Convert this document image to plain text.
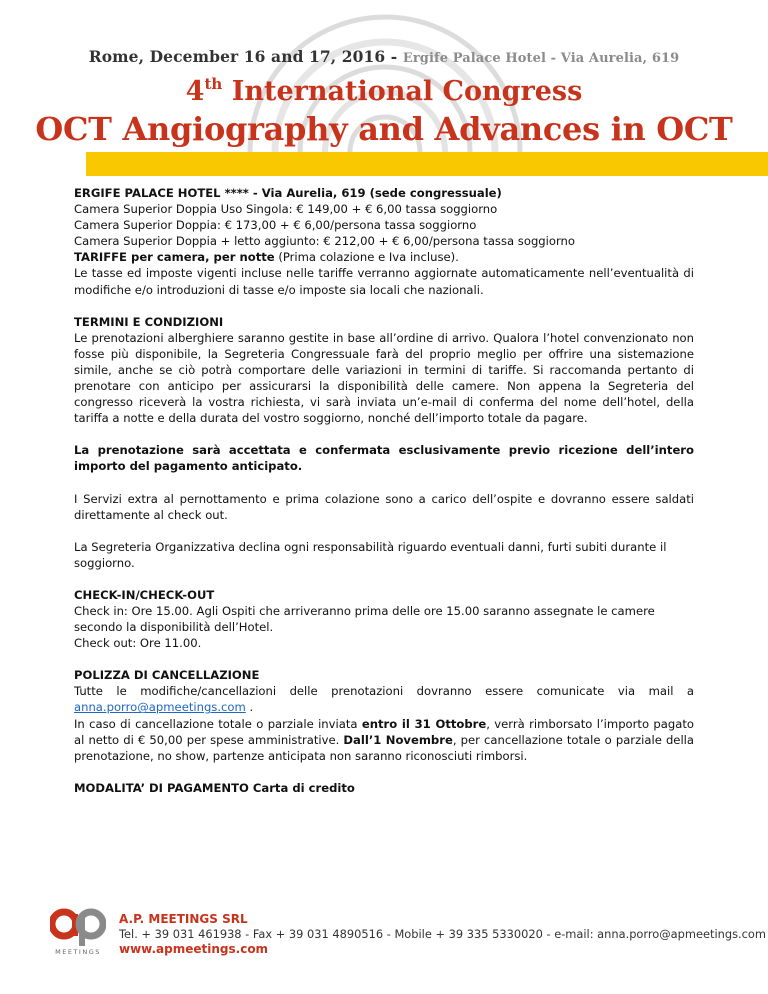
Rome, December 16 and 17, 2016 - Ergife Palace Hotel - Via Aurelia, 619
4th International Congress
OCT Angiography and Advances in OCT

ERGIFE PALACE HOTEL **** - Via Aurelia, 619 (sede congressuale)

Camera Superior Doppia Uso Singola: € 149,00 + € 6,00 tassa soggiorno

Camera Superior Doppia: € 173,00 + € 6,00/persona tassa soggiorno

Camera Superior Doppia + letto aggiunto: € 212,00 + € 6,00/persona tassa soggiorno

TARIFFE per camera, per notte (Prima colazione e Iva incluse).

Le tasse ed imposte vigenti incluse nelle tariffe verranno aggiornate automaticamente nell’eventualità di modifiche e/o introduzioni di tasse e/o imposte sia locali che nazionali.

TERMINI E CONDIZIONI

Le prenotazioni alberghiere saranno gestite in base all’ordine di arrivo. Qualora l’hotel convenzionato non fosse più disponibile, la Segreteria Congressuale farà del proprio meglio per offrire una sistemazione simile, anche se ciò potrà comportare delle variazioni in termini di tariffe. Si raccomanda pertanto di prenotare con anticipo per assicurarsi la disponibilità delle camere. Non appena la Segreteria del congresso riceverà la vostra richiesta, vi sarà inviata un’e-mail di conferma del nome dell’hotel, della tariffa a notte e della durata del vostro soggiorno, nonché dell’importo totale da pagare.

La prenotazione sarà accettata e confermata esclusivamente previo ricezione dell’intero importo del pagamento anticipato.

I Servizi extra al pernottamento e prima colazione sono a carico dell’ospite e dovranno essere saldati direttamente al check out.

La Segreteria Organizzativa declina ogni responsabilità riguardo eventuali danni, furti subiti durante il soggiorno.

CHECK-IN/CHECK-OUT

Check in: Ore 15.00. Agli Ospiti che arriveranno prima delle ore 15.00 saranno assegnate le camere secondo la disponibilità dell’Hotel.

Check out: Ore 11.00.

POLIZZA DI CANCELLAZIONE

Tutte le modifiche/cancellazioni delle prenotazioni dovranno essere comunicate via mail a

anna.porro@apmeetings.com .

In caso di cancellazione totale o parziale inviata entro il 31 Ottobre, verrà rimborsato l’importo pagato al netto di € 50,00 per spese amministrative. Dall’1 Novembre, per cancellazione totale o parziale della prenotazione, no show, partenze anticipata non saranno riconosciuti rimborsi.

MODALITA’ DI PAGAMENTO Carta di credito

MEETINGS
A.P. MEETINGS SRL
Tel. + 39 031 461938 - Fax + 39 031 4890516 - Mobile + 39 335 5330020 - e-mail: anna.porro@apmeetings.com
www.apmeetings.com
